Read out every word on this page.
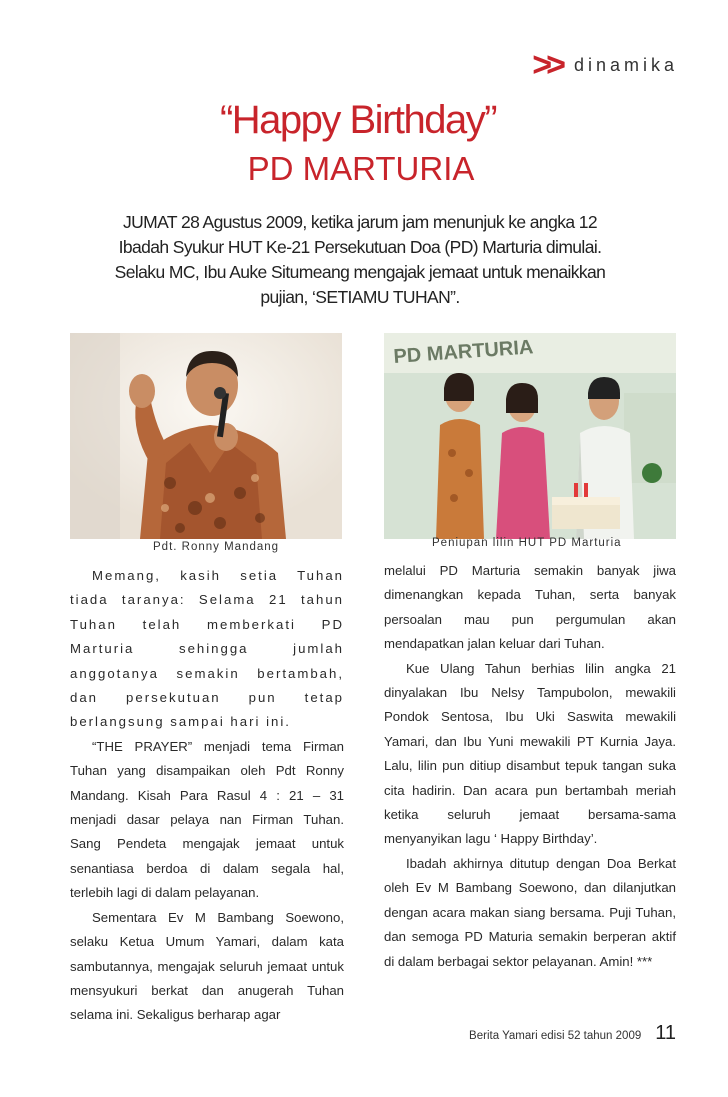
>> dinamika
“Happy Birthday”
PD MARTURIA
JUMAT 28 Agustus 2009, ketika jarum jam menunjuk ke angka 12
Ibadah Syukur HUT Ke-21 Persekutuan Doa (PD) Marturia dimulai.
Selaku MC, Ibu Auke Situmeang mengajak jemaat untuk menaikkan
pujian, ‘SETIAMU TUHAN”.
PD MARTURIA
Pdt. Ronny Mandang	Peniupan lilin HUT PD Marturia

Memang, kasih setia Tuhan tiada taranya: Selama 21 tahun Tuhan telah memberkati PD Marturia sehingga jumlah anggotanya semakin bertambah, dan persekutuan pun tetap berlangsung sampai hari ini.

“THE PRAYER” menjadi tema Firman Tuhan yang disampaikan oleh Pdt Ronny Mandang. Kisah Para Rasul 4 : 21 – 31 menjadi dasar pelaya nan Firman Tuhan. Sang Pendeta mengajak jemaat untuk senantiasa berdoa di dalam segala hal, terlebih lagi di dalam pelayanan.

Sementara Ev M Bambang Soewono, selaku Ketua Umum Yamari, dalam kata sambutannya, mengajak seluruh jemaat untuk mensyukuri berkat dan anugerah Tuhan selama ini. Sekaligus berharap agar

melalui PD Marturia semakin banyak jiwa dimenangkan kepada Tuhan, serta banyak persoalan mau pun pergumulan akan mendapatkan jalan keluar dari Tuhan.

Kue Ulang Tahun berhias lilin angka 21 dinyalakan Ibu Nelsy Tampubolon, mewakili Pondok Sentosa, Ibu Uki Saswita mewakili Yamari, dan Ibu Yuni mewakili PT Kurnia Jaya. Lalu, lilin pun ditiup disambut tepuk tangan suka cita hadirin. Dan acara pun bertambah meriah ketika seluruh jemaat bersama-sama menyanyikan lagu ‘ Happy Birthday’.

Ibadah akhirnya ditutup dengan Doa Berkat oleh Ev M Bambang Soewono, dan dilanjutkan dengan acara makan siang bersama. Puji Tuhan, dan semoga PD Maturia semakin berperan aktif di dalam berbagai sektor pelayanan. Amin! ***

Berita Yamari edisi 52 tahun 2009 11
